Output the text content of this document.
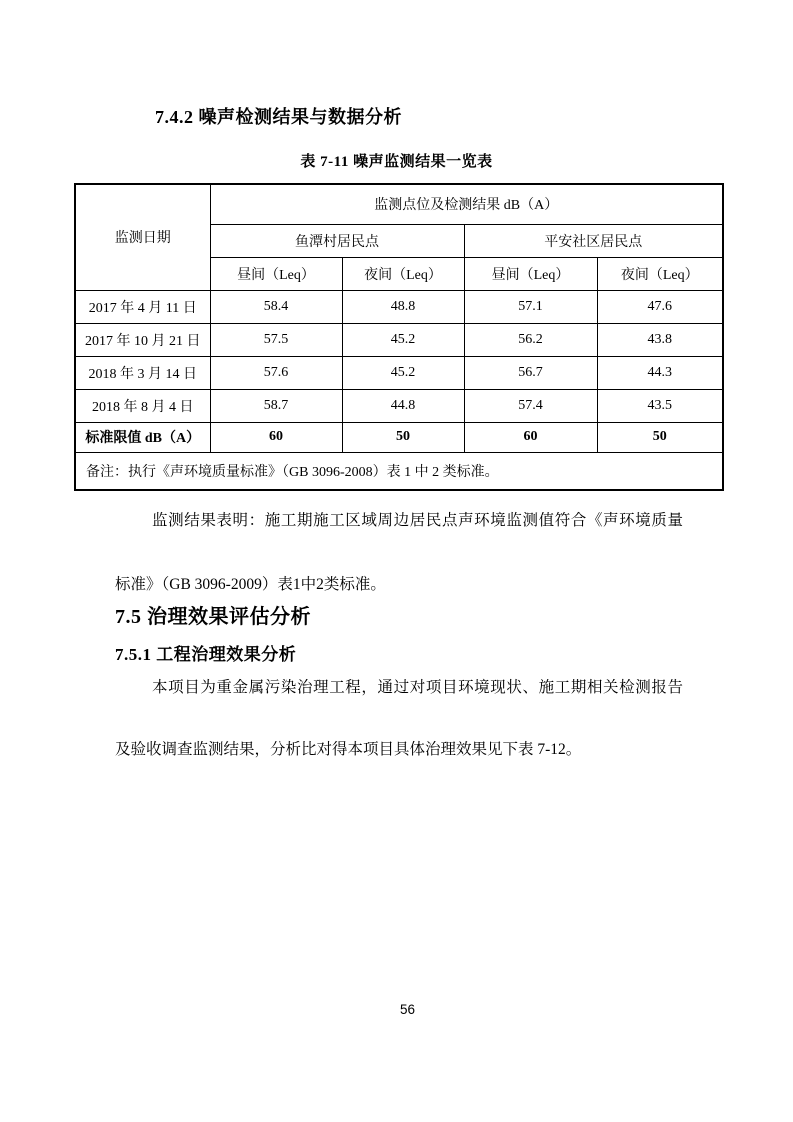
7.4.2 噪声检测结果与数据分析
表 7-11 噪声监测结果一览表
监测日期	监测点位及检测结果 dB（A）			
	鱼潭村居民点		平安社区居民点	
	昼间（Leq）	夜间（Leq）	昼间（Leq）	夜间（Leq）
2017 年 4 月 11 日	58.4	48.8	57.1	47.6
2017 年 10 月 21 日	57.5	45.2	56.2	43.8
2018 年 3 月 14 日	57.6	45.2	56.7	44.3
2018 年 8 月 4 日	58.7	44.8	57.4	43.5
标准限值 dB（A）	60	50	60	50
备注：执行《声环境质量标准》（GB 3096-2008）表 1 中 2 类标准。				
监测结果表明：施工期施工区域周边居民点声环境监测值符合《声环境质量
标准》（GB 3096-2009）表1中2类标准。
7.5 治理效果评估分析
7.5.1 工程治理效果分析
本项目为重金属污染治理工程，通过对项目环境现状、施工期相关检测报告
及验收调查监测结果，分析比对得本项目具体治理效果见下表 7-12。
56
